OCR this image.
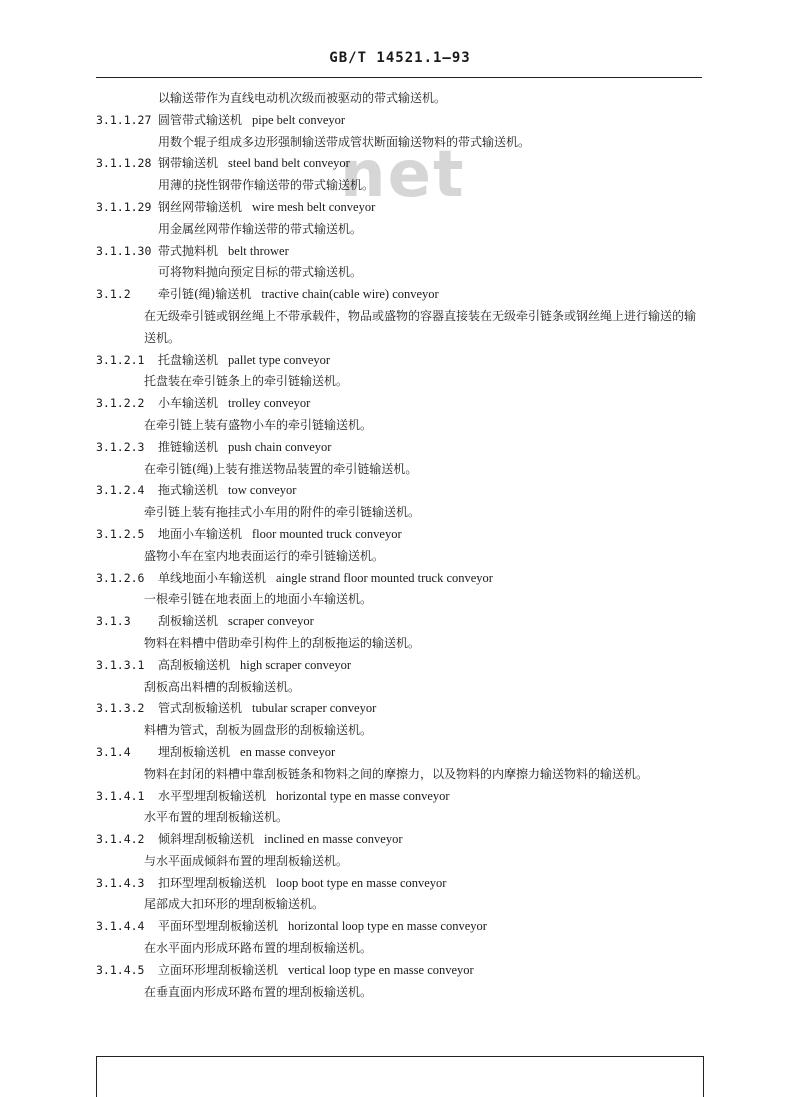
GB/T 14521.1—93
net
以输送带作为直线电动机次级而被驱动的带式输送机。
3.1.1.27 圆管带式输送机 pipe belt conveyor
用数个辊子组成多边形强制输送带成管状断面输送物料的带式输送机。
3.1.1.28 钢带输送机 steel band belt conveyor
用薄的挠性钢带作输送带的带式输送机。
3.1.1.29 钢丝网带输送机 wire mesh belt conveyor
用金属丝网带作输送带的带式输送机。
3.1.1.30 带式抛料机 belt thrower
可将物料抛向预定目标的带式输送机。
3.1.2	牵引链(绳)输送机 tractive chain(cable wire) conveyor
在无级牵引链或钢丝绳上不带承载件，物品或盛物的容器直接装在无级牵引链条或钢丝绳上进行输送的输送机。
3.1.2.1	托盘输送机 pallet type conveyor
托盘装在牵引链条上的牵引链输送机。
3.1.2.2	小车输送机 trolley conveyor
在牵引链上装有盛物小车的牵引链输送机。
3.1.2.3	推链输送机 push chain conveyor
在牵引链(绳)上装有推送物品装置的牵引链输送机。
3.1.2.4	拖式输送机 tow conveyor
牵引链上装有拖挂式小车用的附件的牵引链输送机。
3.1.2.5	地面小车输送机 floor mounted truck conveyor
盛物小车在室内地表面运行的牵引链输送机。
3.1.2.6	单线地面小车输送机 aingle strand floor mounted truck conveyor
一根牵引链在地表面上的地面小车输送机。
3.1.3	刮板输送机 scraper conveyor
物料在料槽中借助牵引构件上的刮板拖运的输送机。
3.1.3.1	高刮板输送机 high scraper conveyor
刮板高出料槽的刮板输送机。
3.1.3.2	管式刮板输送机 tubular scraper conveyor
料槽为管式，刮板为圆盘形的刮板输送机。
3.1.4	埋刮板输送机 en masse conveyor
物料在封闭的料槽中靠刮板链条和物料之间的摩擦力，以及物料的内摩擦力输送物料的输送机。
3.1.4.1	水平型埋刮板输送机 horizontal type en masse conveyor
水平布置的埋刮板输送机。
3.1.4.2	倾斜埋刮板输送机 inclined en masse conveyor
与水平面成倾斜布置的埋刮板输送机。
3.1.4.3	扣环型埋刮板输送机 loop boot type en masse conveyor
尾部成大扣环形的埋刮板输送机。
3.1.4.4	平面环型埋刮板输送机 horizontal loop type en masse conveyor
在水平面内形成环路布置的埋刮板输送机。
3.1.4.5	立面环形埋刮板输送机 vertical loop type en masse conveyor
在垂直面内形成环路布置的埋刮板输送机。
